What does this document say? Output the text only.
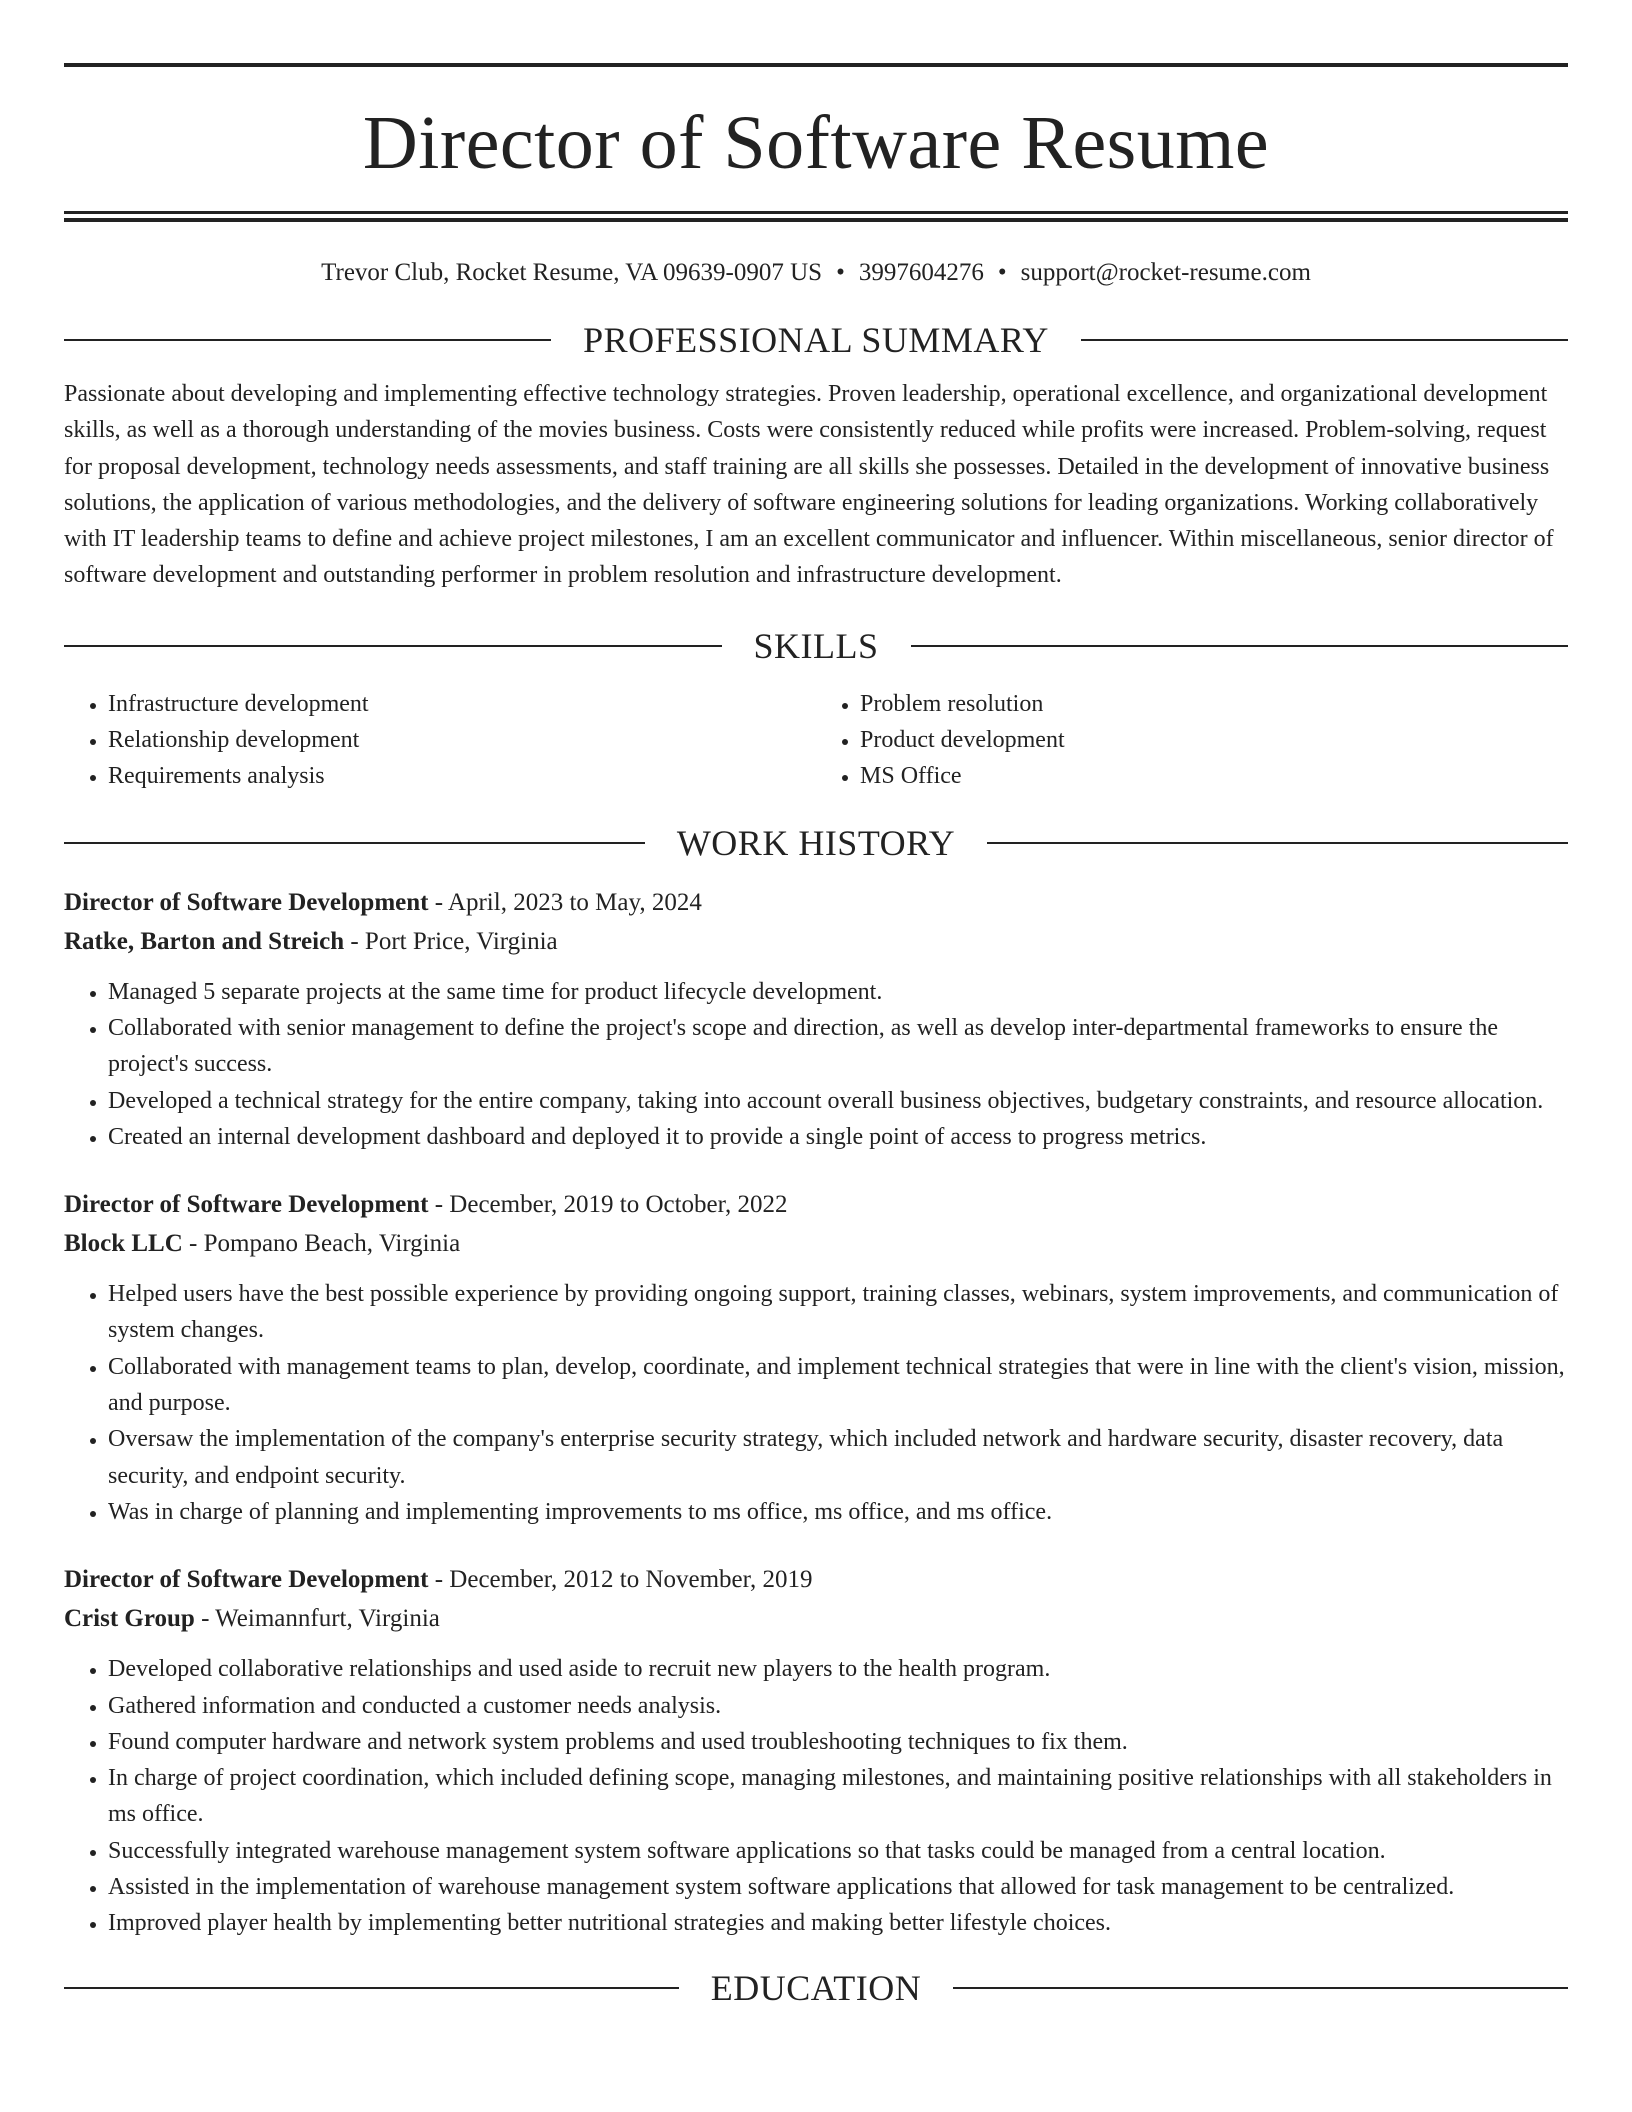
Director of Software Resume
Trevor Club, Rocket Resume, VA 09639-0907 US • 3997604276 • support@rocket-resume.com
PROFESSIONAL SUMMARY
Passionate about developing and implementing effective technology strategies. Proven leadership, operational excellence, and organizational development skills, as well as a thorough understanding of the movies business. Costs were consistently reduced while profits were increased. Problem-solving, request for proposal development, technology needs assessments, and staff training are all skills she possesses. Detailed in the development of innovative business solutions, the application of various methodologies, and the delivery of software engineering solutions for leading organizations. Working collaboratively with IT leadership teams to define and achieve project milestones, I am an excellent communicator and influencer. Within miscellaneous, senior director of software development and outstanding performer in problem resolution and infrastructure development.
SKILLS
• Infrastructure development
• Relationship development
• Requirements analysis
• Problem resolution
• Product development
• MS Office
WORK HISTORY
Director of Software Development - April, 2023 to May, 2024
Ratke, Barton and Streich - Port Price, Virginia
• Managed 5 separate projects at the same time for product lifecycle development.
• Collaborated with senior management to define the project's scope and direction, as well as develop inter-departmental frameworks to ensure the project's success.
• Developed a technical strategy for the entire company, taking into account overall business objectives, budgetary constraints, and resource allocation.
• Created an internal development dashboard and deployed it to provide a single point of access to progress metrics.
Director of Software Development - December, 2019 to October, 2022
Block LLC - Pompano Beach, Virginia
• Helped users have the best possible experience by providing ongoing support, training classes, webinars, system improvements, and communication of system changes.
• Collaborated with management teams to plan, develop, coordinate, and implement technical strategies that were in line with the client's vision, mission, and purpose.
• Oversaw the implementation of the company's enterprise security strategy, which included network and hardware security, disaster recovery, data security, and endpoint security.
• Was in charge of planning and implementing improvements to ms office, ms office, and ms office.
Director of Software Development - December, 2012 to November, 2019
Crist Group - Weimannfurt, Virginia
• Developed collaborative relationships and used aside to recruit new players to the health program.
• Gathered information and conducted a customer needs analysis.
• Found computer hardware and network system problems and used troubleshooting techniques to fix them.
• In charge of project coordination, which included defining scope, managing milestones, and maintaining positive relationships with all stakeholders in ms office.
• Successfully integrated warehouse management system software applications so that tasks could be managed from a central location.
• Assisted in the implementation of warehouse management system software applications that allowed for task management to be centralized.
• Improved player health by implementing better nutritional strategies and making better lifestyle choices.
EDUCATION
